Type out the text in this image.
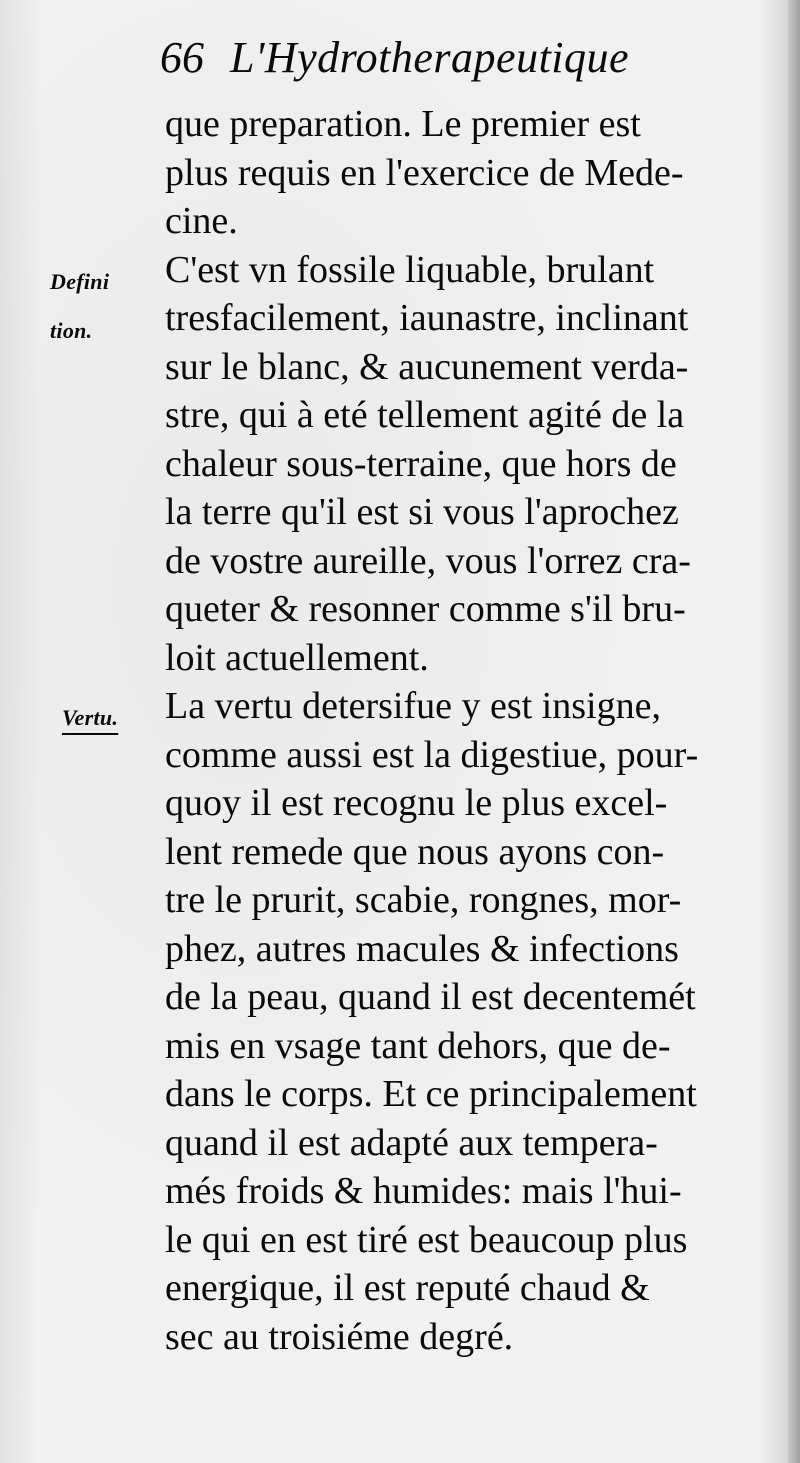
66 L'Hydrotherapeutique
Defini
tion.
Vertu.
que preparation. Le premier est
plus requis en l'exercice de Mede-
cine.
C'est vn fossile liquable, brulant
tresfacilement, iaunastre, inclinant
sur le blanc, & aucunement verda-
stre, qui à eté tellement agité de la
chaleur sous-terraine, que hors de
la terre qu'il est si vous l'aprochez
de vostre aureille, vous l'orrez cra-
queter & resonner comme s'il bru-
loit actuellement.
La vertu detersifue y est insigne,
comme aussi est la digestiue, pour-
quoy il est recognu le plus excel-
lent remede que nous ayons con-
tre le prurit, scabie, rongnes, mor-
phez, autres macules & infections
de la peau, quand il est decentemét
mis en vsage tant dehors, que de-
dans le corps. Et ce principalement
quand il est adapté aux tempera-
més froids & humides: mais l'hui-
le qui en est tiré est beaucoup plus
energique, il est reputé chaud &
sec au troisiéme degré.
